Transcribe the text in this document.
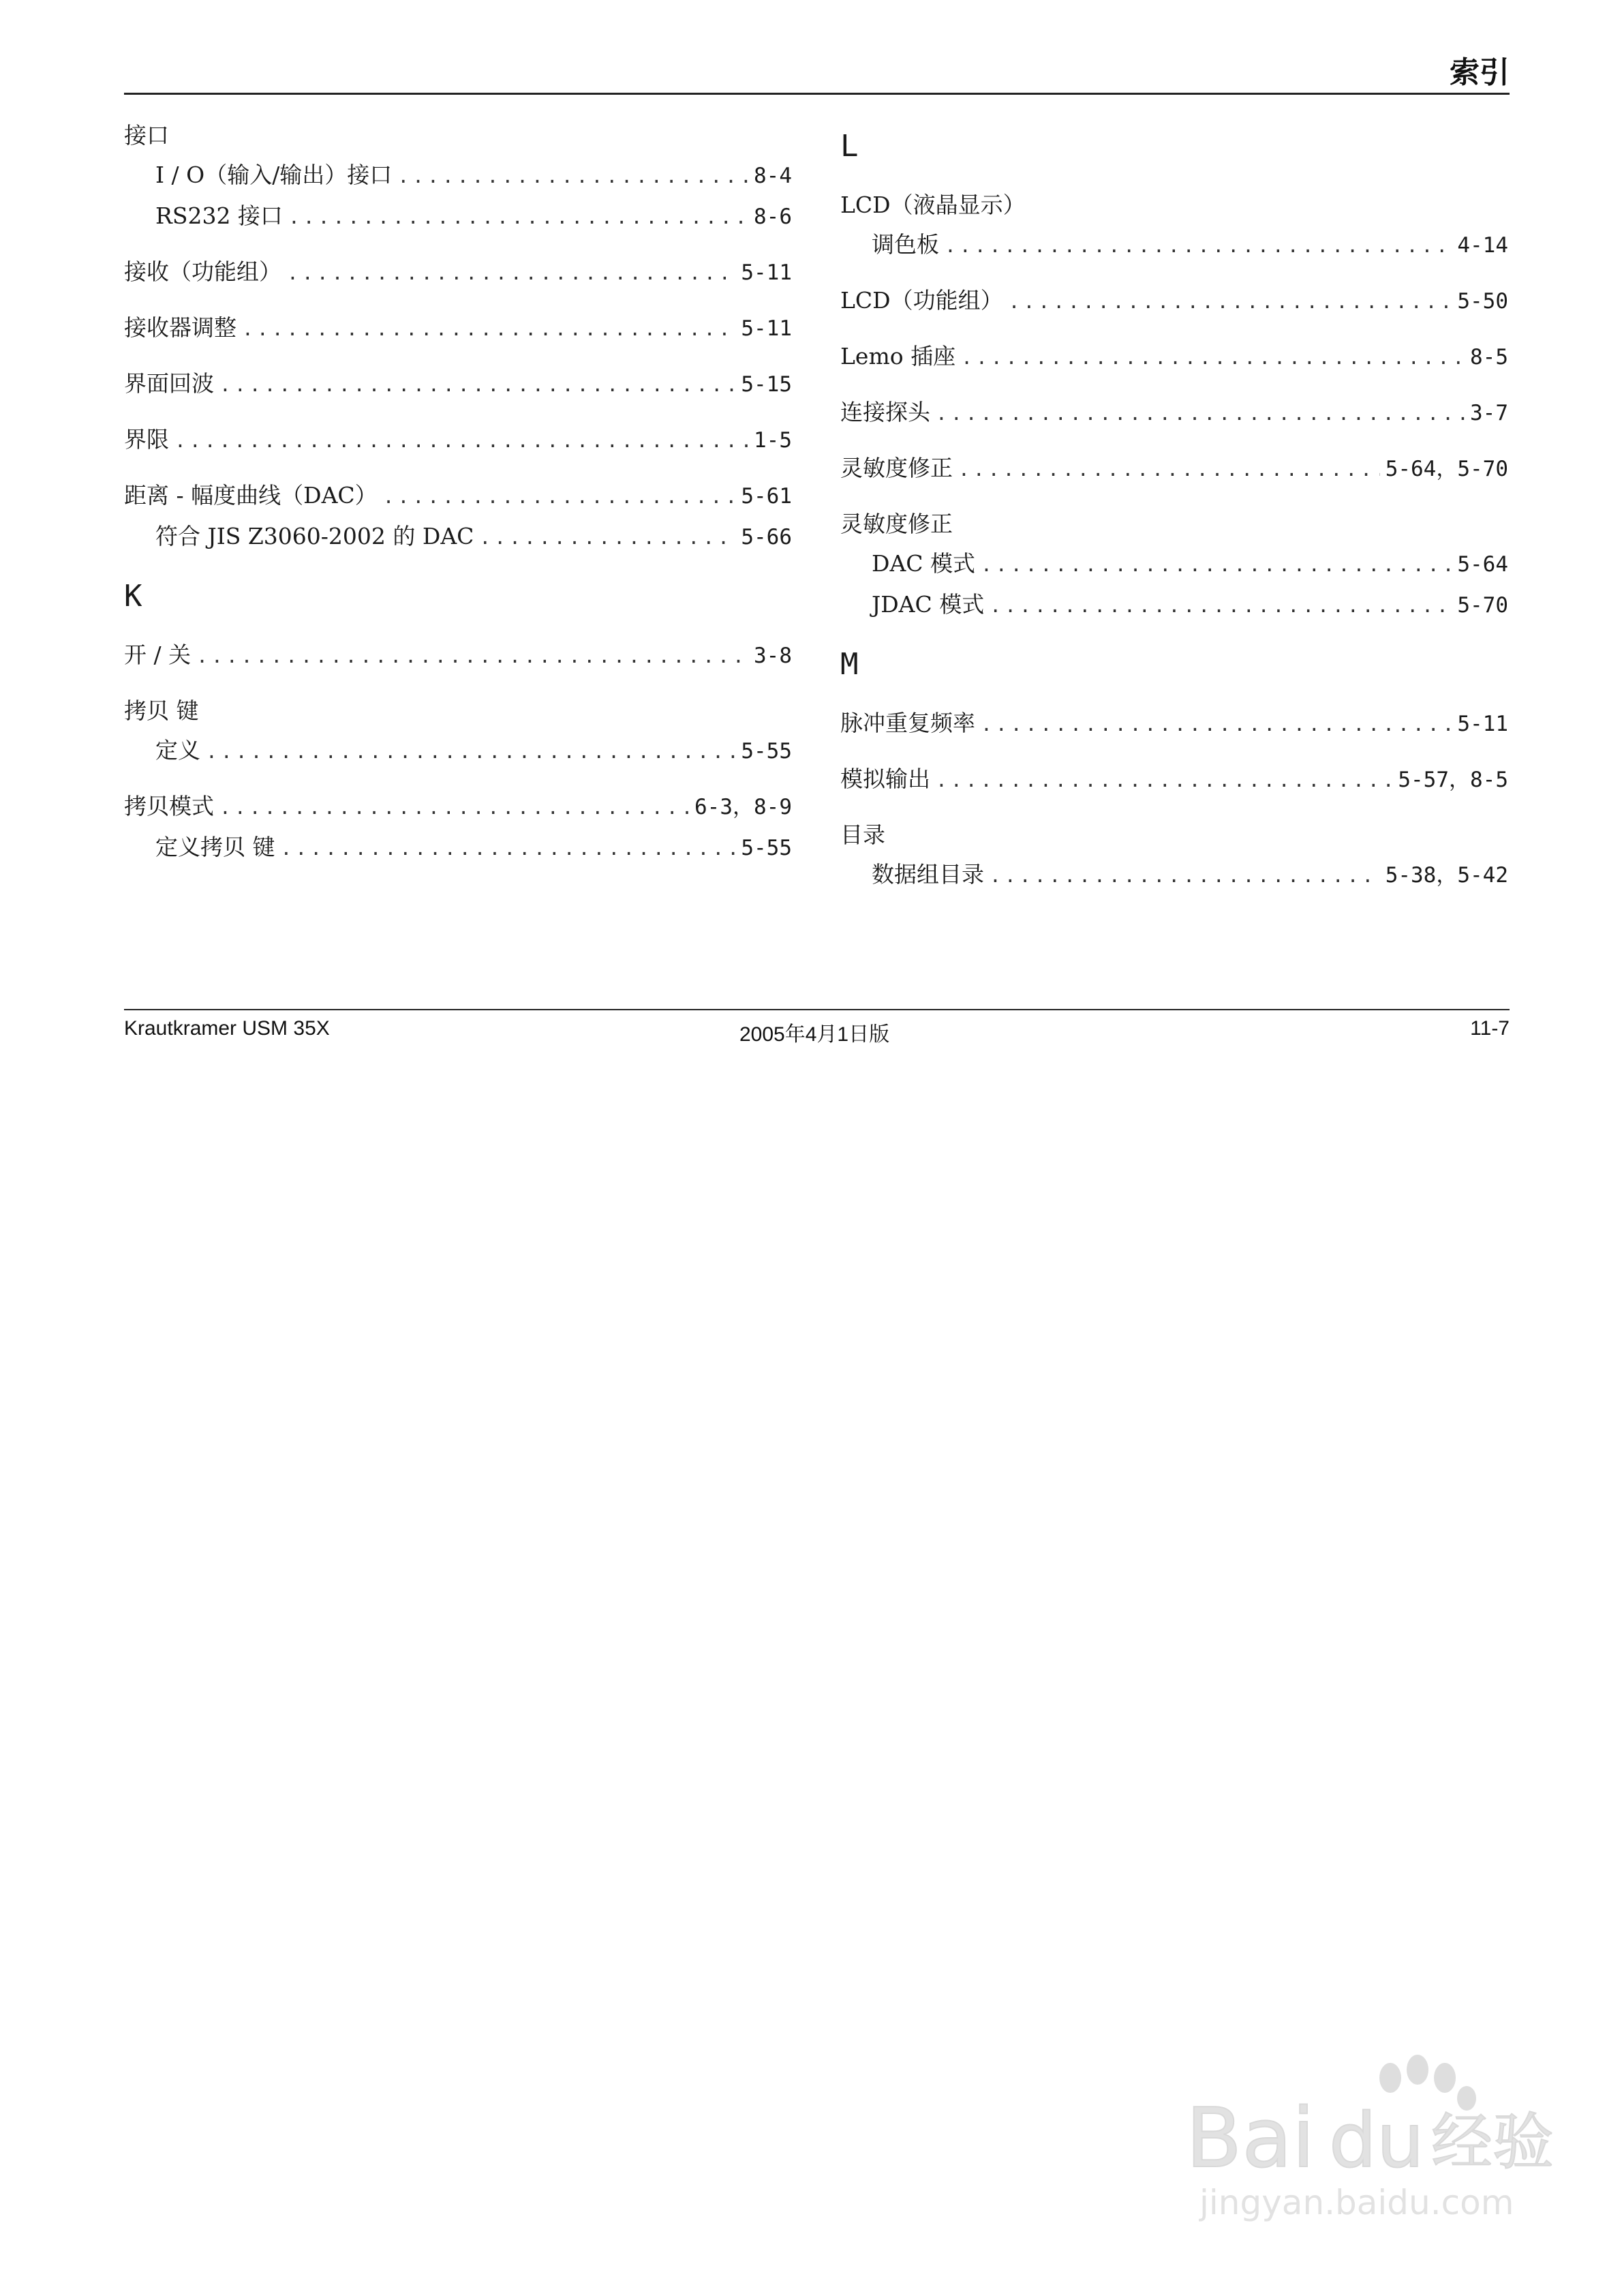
索引
接口
I / O（输入/输出）接口 .....	8-4
RS232 接口 .....	8-6
接收（功能组） .....	5-11
接收器调整 .....	5-11
界面回波 .....	5-15
界限 .....	1-5
距离 - 幅度曲线（DAC） .....	5-61
符合 JIS Z3060-2002 的 DAC .....	5-66
K
开 / 关 .....	3-8
拷贝 键
定义 .....	5-55
拷贝模式 .....	6-3，8-9
定义拷贝 键 .....	5-55
L
LCD（液晶显示）
调色板 .....	4-14
LCD（功能组） .....	5-50
Lemo 插座 .....	8-5
连接探头 .....	3-7
灵敏度修正 .....	5-64，5-70
灵敏度修正
DAC 模式 .....	5-64
JDAC 模式 .....	5-70
M
脉冲重复频率 .....	5-11
模拟输出 .....	5-57，8-5
目录
数据组目录 .....	5-38，5-42
Krautkramer USM 35X	2005年4月1日版	11-7
Bai du 经验
jingyan.baidu.com
